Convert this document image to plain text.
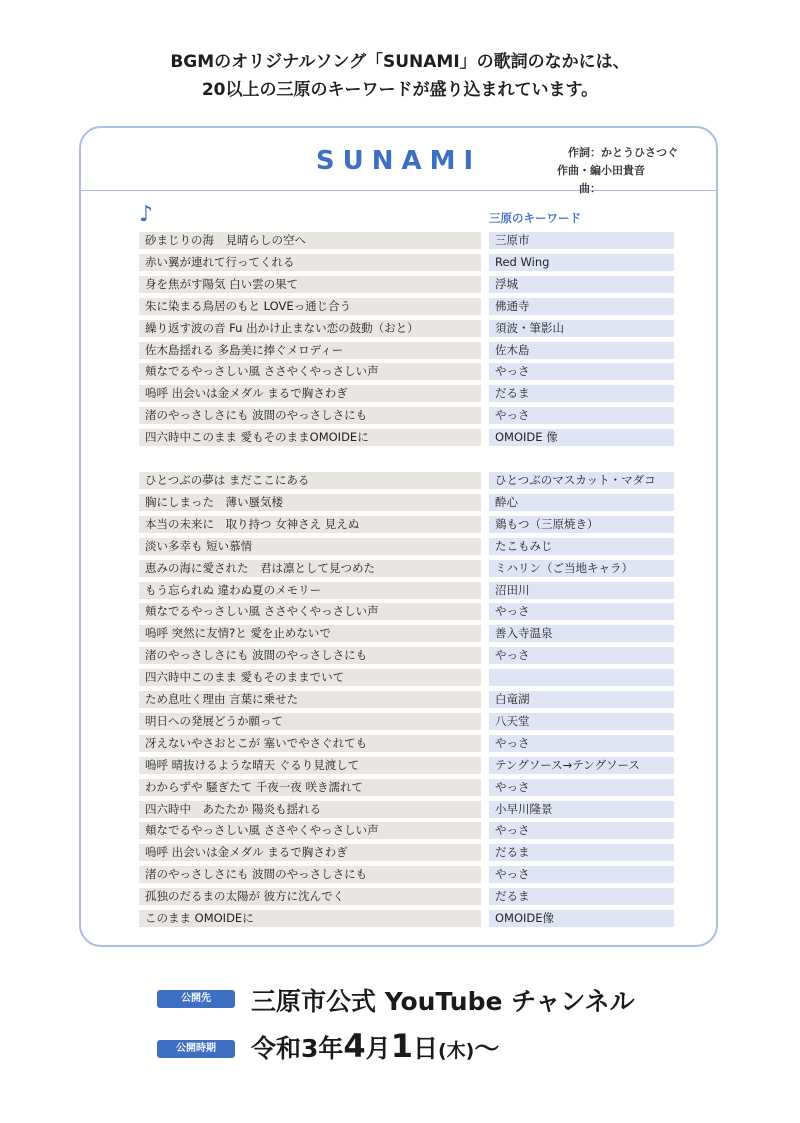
BGMのオリジナルソング「SUNAMI」の歌詞のなかには、
20以上の三原のキーワードが盛り込まれています。
SUNAMI	作詞： かとうひさつぐ
作曲・編曲：
小田貴音
♪	三原のキーワード
砂まじりの海　見晴らしの空へ	三原市
赤い翼が連れて行ってくれる	Red Wing
身を焦がす陽気 白い雲の果て	浮城
朱に染まる鳥居のもと LOVEっ通じ合う	佛通寺
繰り返す波の音 Fu 出かけ止まない恋の鼓動（おと）	須波・筆影山
佐木島揺れる 多島美に捧ぐメロディー	佐木島
頬なでるやっさしい風 ささやくやっさしい声	やっさ
嗚呼 出会いは金メダル まるで胸さわぎ	だるま
渚のやっさしさにも 波間のやっさしさにも	やっさ
四六時中このまま 愛もそのままOMOIDEに	OMOIDE 像
ひとつぶの夢は まだここにある	ひとつぶのマスカット・マダコ
胸にしまった　薄い蜃気楼	酔心
本当の未来に　取り持つ 女神さえ 見えぬ	鶏もつ（三原焼き）
淡い多幸も 短い慕情	たこもみじ
恵みの海に愛された　君は凛として見つめた	ミハリン（ご当地キャラ）
もう忘られぬ 違わぬ夏のメモリー	沼田川
頬なでるやっさしい風 ささやくやっさしい声	やっさ
嗚呼 突然に友情?と 愛を止めないで	善入寺温泉
渚のやっさしさにも 波間のやっさしさにも	やっさ
四六時中このまま 愛もそのままでいて
ため息吐く理由 言葉に乗せた	白竜湖
明日への発展どうか願って	八天堂
冴えないやさおとこが 塞いでやさぐれても	やっさ
嗚呼 晴抜けるような晴天 ぐるり見渡して	テングソース→テングソース
わからずや 騒ぎたて 千夜一夜 咲き濡れて	やっさ
四六時中　あたたか 陽炎も揺れる	小早川隆景
頬なでるやっさしい風 ささやくやっさしい声	やっさ
嗚呼 出会いは金メダル まるで胸さわぎ	だるま
渚のやっさしさにも 波間のやっさしさにも	やっさ
孤独のだるまの太陽が 彼方に沈んでく	だるま
このまま OMOIDEに	OMOIDE像
公開先	三原市公式 YouTube チャンネル
公開時期	令和3年4月1日(木)〜
